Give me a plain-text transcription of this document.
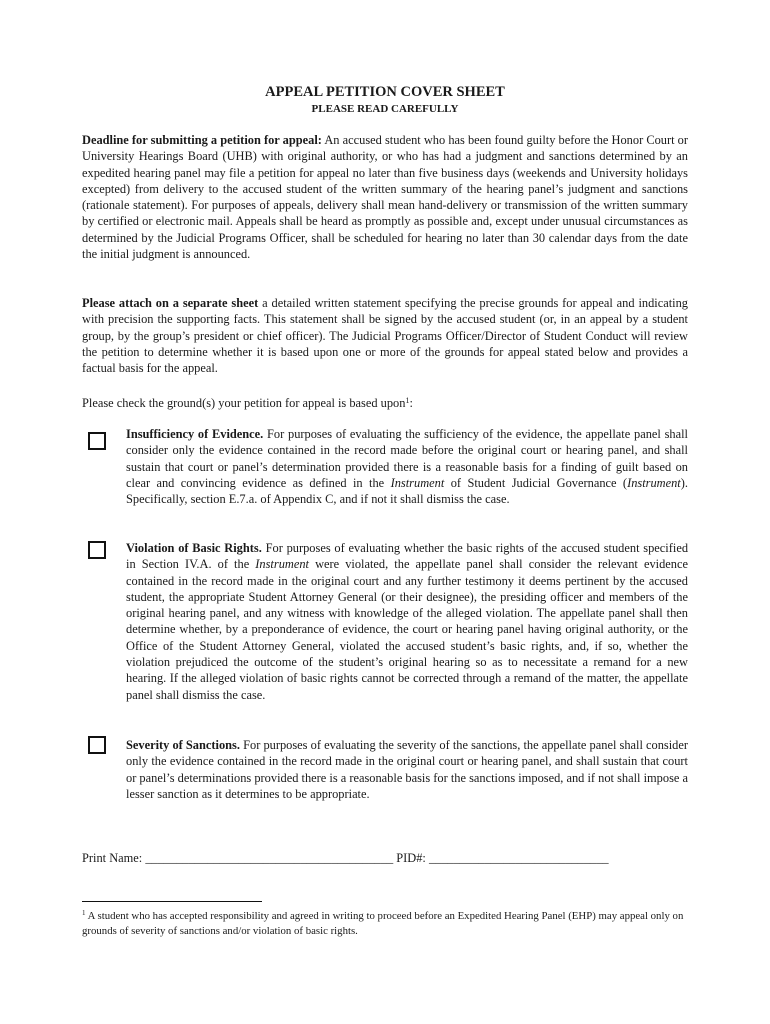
APPEAL PETITION COVER SHEET
PLEASE READ CAREFULLY

Deadline for submitting a petition for appeal: An accused student who has been found guilty before the Honor Court or University Hearings Board (UHB) with original authority, or who has had a judgment and sanctions determined by an expedited hearing panel may file a petition for appeal no later than five business days (weekends and University holidays excepted) from delivery to the accused student of the written summary of the hearing panel’s judgment and sanctions (rationale statement). For purposes of appeals, delivery shall mean hand-delivery or transmission of the written summary by certified or electronic mail. Appeals shall be heard as promptly as possible and, except under unusual circumstances as determined by the Judicial Programs Officer, shall be scheduled for hearing no later than 30 calendar days from the date the initial judgment is announced.

Please attach on a separate sheet a detailed written statement specifying the precise grounds for appeal and indicating with precision the supporting facts. This statement shall be signed by the accused student (or, in an appeal by a student group, by the group’s president or chief officer). The Judicial Programs Officer/Director of Student Conduct will review the petition to determine whether it is based upon one or more of the grounds for appeal stated below and provides a factual basis for the appeal.

Please check the ground(s) your petition for appeal is based upon$^1$:

Insufficiency of Evidence. For purposes of evaluating the sufficiency of the evidence, the appellate panel shall consider only the evidence contained in the record made before the original court or hearing panel, and shall sustain that court or panel’s determination provided there is a reasonable basis for a finding of guilt based on clear and convincing evidence as defined in the Instrument of Student Judicial Governance (Instrument). Specifically, section E.7.a. of Appendix C, and if not it shall dismiss the case.

Violation of Basic Rights. For purposes of evaluating whether the basic rights of the accused student specified in Section IV.A. of the Instrument were violated, the appellate panel shall consider the relevant evidence contained in the record made in the original court and any further testimony it deems pertinent by the accused student, the appropriate Student Attorney General (or their designee), the presiding officer and members of the original hearing panel, and any witness with knowledge of the alleged violation. The appellate panel shall then determine whether, by a preponderance of evidence, the court or hearing panel having original authority, or the Office of the Student Attorney General, violated the accused student’s basic rights, and, if so, whether the violation prejudiced the outcome of the student’s original hearing so as to necessitate a remand for a new hearing. If the alleged violation of basic rights cannot be corrected through a remand of the matter, the appellate panel shall dismiss the case.

Severity of Sanctions. For purposes of evaluating the severity of the sanctions, the appellate panel shall consider only the evidence contained in the record made in the original court or hearing panel, and shall sustain that court or panel’s determinations provided there is a reasonable basis for the sanctions imposed, and if not shall impose a lesser sanction as it determines to be appropriate.

Print Name: ________________________________________ PID#: _____________________________

$^1$ A student who has accepted responsibility and agreed in writing to proceed before an Expedited Hearing Panel (EHP) may appeal only on grounds of severity of sanctions and/or violation of basic rights.
